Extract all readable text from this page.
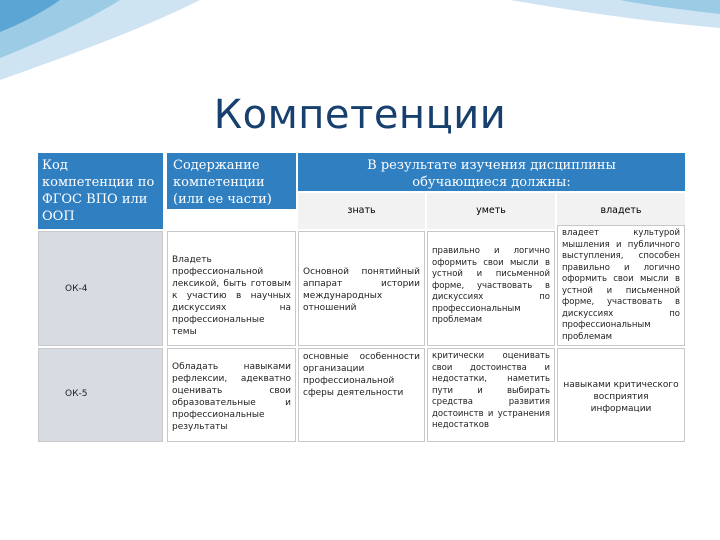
Компетенции
Код компетенции по ФГОС ВПО или ООП
Содержание компетенции (или ее части)
В результате изучения дисциплины обучающиеся должны:
знать	уметь	владеть
ОК-4
Владеть профессиональной лексикой, быть готовым к участию в научных дискуссиях на профессиональные темы
Основной понятийный аппарат истории международных отношений
правильно и логично оформить свои мысли в устной и письменной форме, участвовать в дискуссиях по профессиональным проблемам
владеет культурой мышления и публичного выступления, способен правильно и логично оформить свои мысли в устной и письменной форме, участвовать в дискуссиях по профессиональным проблемам
ОК-5
Обладать навыками рефлексии, адекватно оценивать свои образовательные и профессиональные результаты
основные особенности организации профессиональной сферы деятельности
критически оценивать свои достоинства и недостатки, наметить пути и выбирать средства развития достоинств и устранения недостатков
навыками критического восприятия информации
